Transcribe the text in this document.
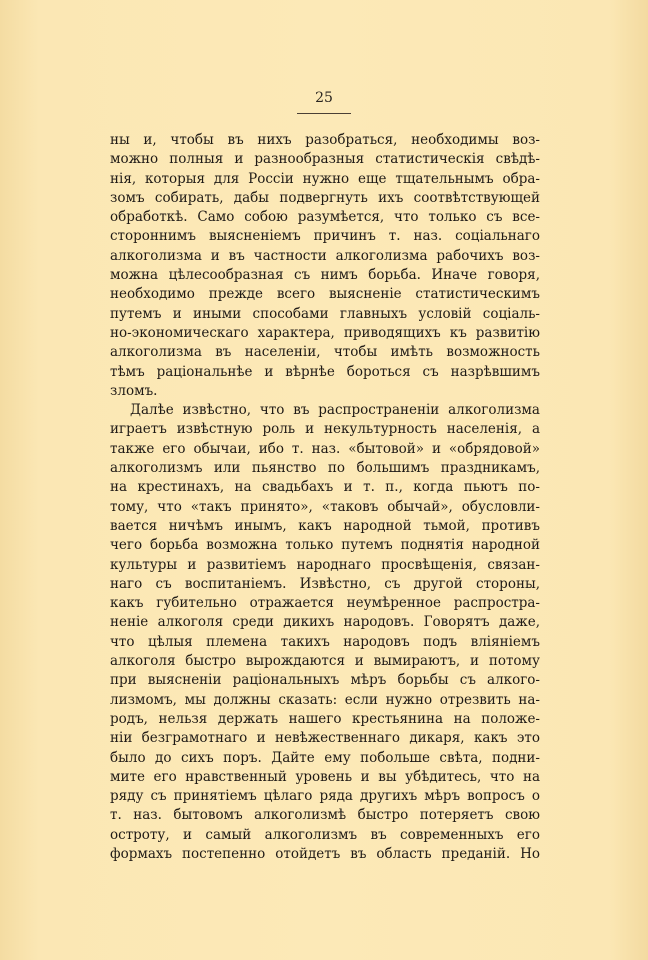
25
ны и, чтобы въ нихъ разобраться, необходимы воз-
можно полныя и разнообразныя статистическія свѣдѣ-
нія, которыя для Россіи нужно еще тщательнымъ обра-
зомъ собирать, дабы подвергнуть ихъ соотвѣтствующей
обработкѣ. Само собою разумѣется, что только съ все-
стороннимъ выясненіемъ причинъ т. наз. соціальнаго
алкоголизма и въ частности алкоголизма рабочихъ воз-
можна цѣлесообразная съ нимъ борьба. Иначе говоря,
необходимо прежде всего выясненіе статистическимъ
путемъ и иными способами главныхъ условій соціаль-
но-экономическаго характера, приводящихъ къ развитію
алкоголизма въ населеніи, чтобы имѣть возможность
тѣмъ раціональнѣе и вѣрнѣе бороться съ назрѣвшимъ
зломъ.
Далѣе извѣстно, что въ распространеніи алкоголизма
играетъ извѣстную роль и некультурность населенія, а
также его обычаи, ибо т. наз. «бытовой» и «обрядовой»
алкоголизмъ или пьянство по большимъ праздникамъ,
на крестинахъ, на свадьбахъ и т. п., когда пьютъ по-
тому, что «такъ принято», «таковъ обычай», обусловли-
вается ничѣмъ инымъ, какъ народной тьмой, противъ
чего борьба возможна только путемъ поднятія народной
культуры и развитіемъ народнаго просвѣщенія, связан-
наго съ воспитаніемъ. Извѣстно, съ другой стороны,
какъ губительно отражается неумѣренное распростра-
неніе алкоголя среди дикихъ народовъ. Говорятъ даже,
что цѣлыя племена такихъ народовъ подъ вліяніемъ
алкоголя быстро вырождаются и вымираютъ, и потому
при выясненіи раціональныхъ мѣръ борьбы съ алкого-
лизмомъ, мы должны сказать: если нужно отрезвить на-
родъ, нельзя держать нашего крестьянина на положе-
ніи безграмотнаго и невѣжественнаго дикаря, какъ это
было до сихъ поръ. Дайте ему побольше свѣта, подни-
мите его нравственный уровень и вы убѣдитесь, что на
ряду съ принятіемъ цѣлаго ряда другихъ мѣръ вопросъ о
т. наз. бытовомъ алкоголизмѣ быстро потеряетъ свою
остроту, и самый алкоголизмъ въ современныхъ его
формахъ постепенно отойдетъ въ область преданій. Но
